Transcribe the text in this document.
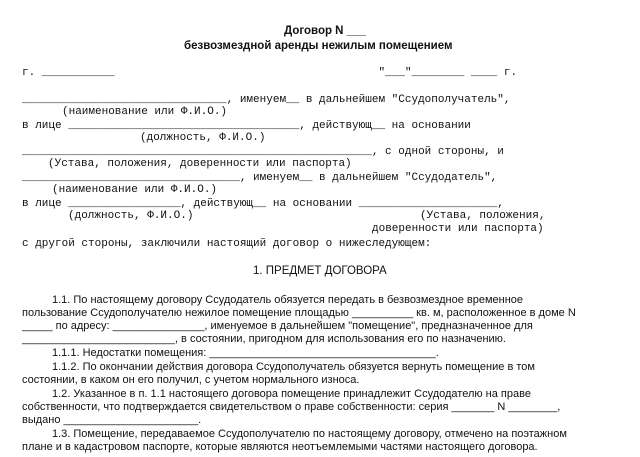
Договор N ___
безвозмездной аренды нежилым помещением
г. ___________                                        "___"________ ____ г.
_______________________________, именуем__ в дальнейшем "Ссудополучатель",
(наименование или Ф.И.О.)
в лице ___________________________________, действующ__ на основании
(должность, Ф.И.О.)
_____________________________________________________, с одной стороны, и
(Устава, положения, доверенности или паспорта)
_________________________________, именуем__ в дальнейшем "Ссудодатель",
(наименование или Ф.И.О.)
в лице _________________, действующ__ на основании _____________________,
(должность, Ф.И.О.)	(Устава, положения,
доверенности или паспорта)
с другой стороны, заключили настоящий договор о нижеследующем:
1. ПРЕДМЕТ ДОГОВОРА
1.1. По настоящему договору Ссудодатель обязуется передать в безвозмездное временное
пользование Ссудополучателю нежилое помещение площадью __________ кв. м, расположенное в доме N
_____ по адресу: _______________, именуемое в дальнейшем "помещение", предназначенное для
_________________________, в состоянии, пригодном для использования его по назначению.
1.1.1. Недостатки помещения: _____________________________________.
1.1.2. По окончании действия договора Ссудополучатель обязуется вернуть помещение в том
состоянии, в каком он его получил, с учетом нормального износа.
1.2. Указанное в п. 1.1 настоящего договора помещение принадлежит Ссудодателю на праве
собственности, что подтверждается свидетельством о праве собственности: серия _______ N ________,
выдано ______________________.
1.3. Помещение, передаваемое Ссудополучателю по настоящему договору, отмечено на поэтажном
плане и в кадастровом паспорте, которые являются неотъемлемыми частями настоящего договора.
